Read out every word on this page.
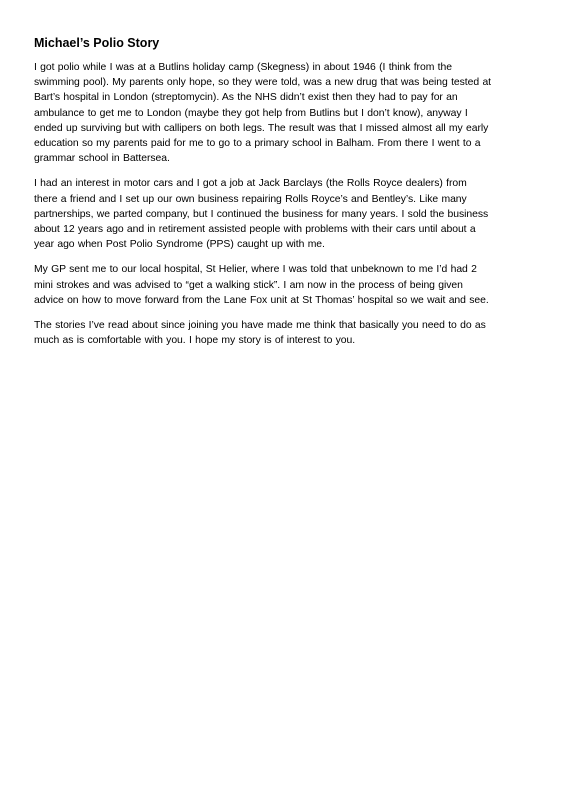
Michael’s Polio Story
I got polio while I was at a Butlins holiday camp (Skegness) in about 1946 (I think from the
swimming pool). My parents only hope, so they were told, was a new drug that was being tested at
Bart’s hospital in London (streptomycin). As the NHS didn’t exist then they had to pay for an
ambulance to get me to London (maybe they got help from Butlins but I don’t know), anyway I
ended up surviving but with callipers on both legs. The result was that I missed almost all my early
education so my parents paid for me to go to a primary school in Balham. From there I went to a
grammar school in Battersea.
I had an interest in motor cars and I got a job at Jack Barclays (the Rolls Royce dealers) from
there a friend and I set up our own business repairing Rolls Royce’s and Bentley’s. Like many
partnerships, we parted company, but I continued the business for many years. I sold the business
about 12 years ago and in retirement assisted people with problems with their cars until about a
year ago when Post Polio Syndrome (PPS) caught up with me.
My GP sent me to our local hospital, St Helier, where I was told that unbeknown to me I’d had 2
mini strokes and was advised to “get a walking stick”. I am now in the process of being given
advice on how to move forward from the Lane Fox unit at St Thomas’ hospital so we wait and see.
The stories I’ve read about since joining you have made me think that basically you need to do as
much as is comfortable with you. I hope my story is of interest to you.
